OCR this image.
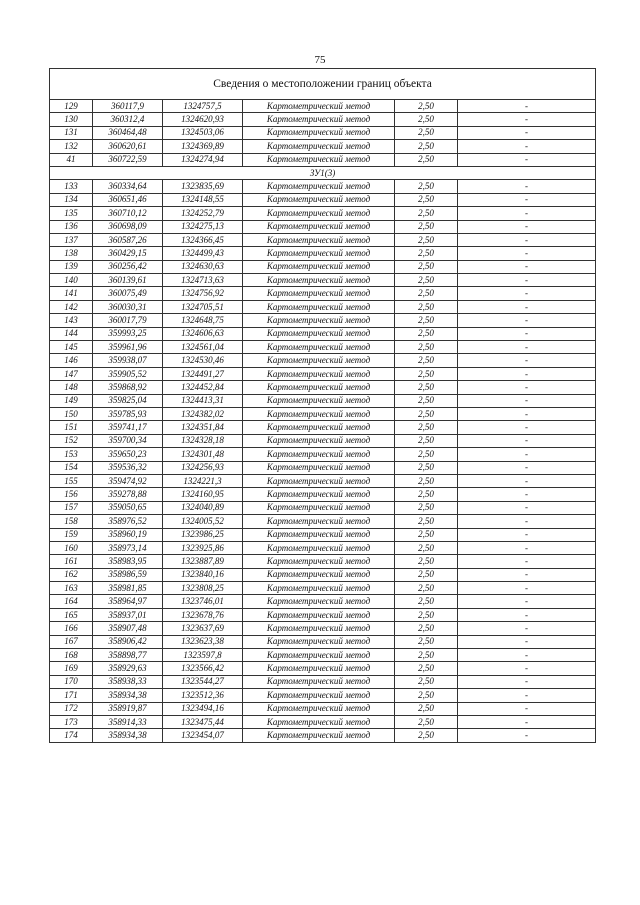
75
Сведения о местоположении границ объекта					
129	360117,9	1324757,5	Картометрический метод	2,50	-
130	360312,4	1324620,93	Картометрический метод	2,50	-
131	360464,48	1324503,06	Картометрический метод	2,50	-
132	360620,61	1324369,89	Картометрический метод	2,50	-
41	360722,59	1324274,94	Картометрический метод	2,50	-
ЗУ1(3)					
133	360334,64	1323835,69	Картометрический метод	2,50	-
134	360651,46	1324148,55	Картометрический метод	2,50	-
135	360710,12	1324252,79	Картометрический метод	2,50	-
136	360698,09	1324275,13	Картометрический метод	2,50	-
137	360587,26	1324366,45	Картометрический метод	2,50	-
138	360429,15	1324499,43	Картометрический метод	2,50	-
139	360256,42	1324630,63	Картометрический метод	2,50	-
140	360139,61	1324713,63	Картометрический метод	2,50	-
141	360075,49	1324756,92	Картометрический метод	2,50	-
142	360030,31	1324705,51	Картометрический метод	2,50	-
143	360017,79	1324648,75	Картометрический метод	2,50	-
144	359993,25	1324606,63	Картометрический метод	2,50	-
145	359961,96	1324561,04	Картометрический метод	2,50	-
146	359938,07	1324530,46	Картометрический метод	2,50	-
147	359905,52	1324491,27	Картометрический метод	2,50	-
148	359868,92	1324452,84	Картометрический метод	2,50	-
149	359825,04	1324413,31	Картометрический метод	2,50	-
150	359785,93	1324382,02	Картометрический метод	2,50	-
151	359741,17	1324351,84	Картометрический метод	2,50	-
152	359700,34	1324328,18	Картометрический метод	2,50	-
153	359650,23	1324301,48	Картометрический метод	2,50	-
154	359536,32	1324256,93	Картометрический метод	2,50	-
155	359474,92	1324221,3	Картометрический метод	2,50	-
156	359278,88	1324160,95	Картометрический метод	2,50	-
157	359050,65	1324040,89	Картометрический метод	2,50	-
158	358976,52	1324005,52	Картометрический метод	2,50	-
159	358960,19	1323986,25	Картометрический метод	2,50	-
160	358973,14	1323925,86	Картометрический метод	2,50	-
161	358983,95	1323887,89	Картометрический метод	2,50	-
162	358986,59	1323840,16	Картометрический метод	2,50	-
163	358981,85	1323808,25	Картометрический метод	2,50	-
164	358964,97	1323746,01	Картометрический метод	2,50	-
165	358937,01	1323678,76	Картометрический метод	2,50	-
166	358907,48	1323637,69	Картометрический метод	2,50	-
167	358906,42	1323623,38	Картометрический метод	2,50	-
168	358898,77	1323597,8	Картометрический метод	2,50	-
169	358929,63	1323566,42	Картометрический метод	2,50	-
170	358938,33	1323544,27	Картометрический метод	2,50	-
171	358934,38	1323512,36	Картометрический метод	2,50	-
172	358919,87	1323494,16	Картометрический метод	2,50	-
173	358914,33	1323475,44	Картометрический метод	2,50	-
174	358934,38	1323454,07	Картометрический метод	2,50	-
